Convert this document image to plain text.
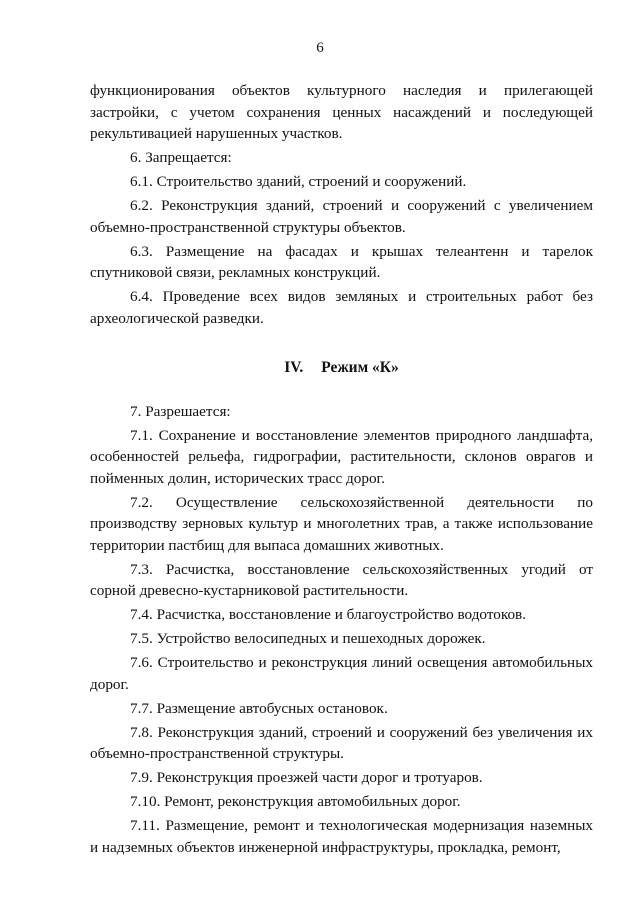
6

функционирования объектов культурного наследия и прилегающей застройки, с учетом сохранения ценных насаждений и последующей рекультивацией нарушенных участков.

6. Запрещается:

6.1. Строительство зданий, строений и сооружений.

6.2. Реконструкция зданий, строений и сооружений с увеличением объемно-пространственной структуры объектов.

6.3. Размещение на фасадах и крышах телеантенн и тарелок спутниковой связи, рекламных конструкций.

6.4. Проведение всех видов земляных и строительных работ без археологической разведки.

IV. Режим «К»

7. Разрешается:

7.1. Сохранение и восстановление элементов природного ландшафта, особенностей рельефа, гидрографии, растительности, склонов оврагов и пойменных долин, исторических трасс дорог.

7.2. Осуществление сельскохозяйственной деятельности по производству зерновых культур и многолетних трав, а также использование территории пастбищ для выпаса домашних животных.

7.3. Расчистка, восстановление сельскохозяйственных угодий от сорной древесно-кустарниковой растительности.

7.4. Расчистка, восстановление и благоустройство водотоков.

7.5. Устройство велосипедных и пешеходных дорожек.

7.6. Строительство и реконструкция линий освещения автомобильных дорог.

7.7. Размещение автобусных остановок.

7.8. Реконструкция зданий, строений и сооружений без увеличения их объемно-пространственной структуры.

7.9. Реконструкция проезжей части дорог и тротуаров.

7.10. Ремонт, реконструкция автомобильных дорог.

7.11. Размещение, ремонт и технологическая модернизация наземных и надземных объектов инженерной инфраструктуры, прокладка, ремонт,
